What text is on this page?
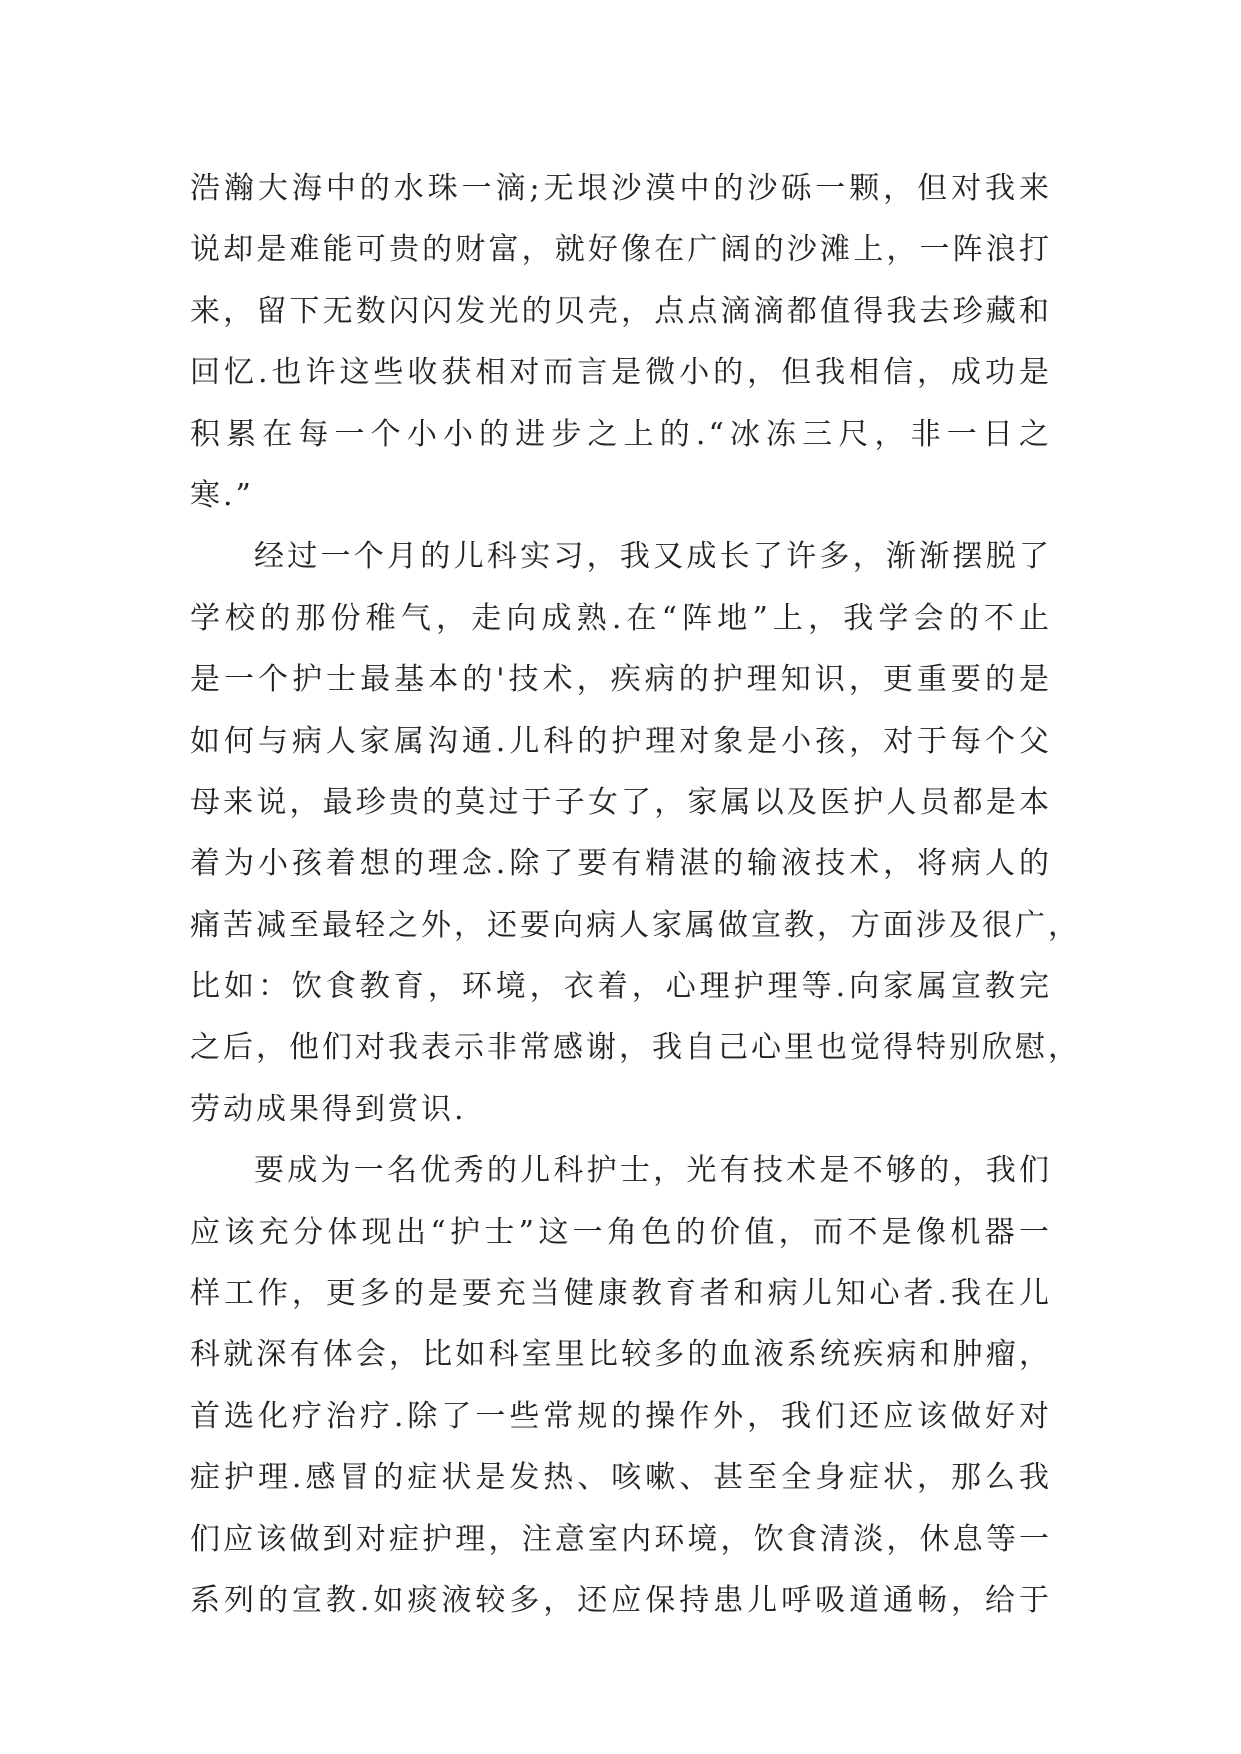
浩瀚大海中的水珠一滴;无垠沙漠中的沙砾一颗，但对我来
说却是难能可贵的财富，就好像在广阔的沙滩上，一阵浪打
来，留下无数闪闪发光的贝壳，点点滴滴都值得我去珍藏和
回忆.也许这些收获相对而言是微小的，但我相信，成功是
积累在每一个小小的进步之上的.“冰冻三尺，非一日之
寒.”
经过一个月的儿科实习，我又成长了许多，渐渐摆脱了
学校的那份稚气，走向成熟.在“阵地”上，我学会的不止
是一个护士最基本的'技术，疾病的护理知识，更重要的是
如何与病人家属沟通.儿科的护理对象是小孩，对于每个父
母来说，最珍贵的莫过于子女了，家属以及医护人员都是本
着为小孩着想的理念.除了要有精湛的输液技术，将病人的
痛苦减至最轻之外，还要向病人家属做宣教，方面涉及很广，
比如：饮食教育，环境，衣着，心理护理等.向家属宣教完
之后，他们对我表示非常感谢，我自己心里也觉得特别欣慰，
劳动成果得到赏识.
要成为一名优秀的儿科护士，光有技术是不够的，我们
应该充分体现出“护士”这一角色的价值，而不是像机器一
样工作，更多的是要充当健康教育者和病儿知心者.我在儿
科就深有体会，比如科室里比较多的血液系统疾病和肿瘤，
首选化疗治疗.除了一些常规的操作外，我们还应该做好对
症护理.感冒的症状是发热、咳嗽、甚至全身症状，那么我
们应该做到对症护理，注意室内环境，饮食清淡，休息等一
系列的宣教.如痰液较多，还应保持患儿呼吸道通畅，给于
